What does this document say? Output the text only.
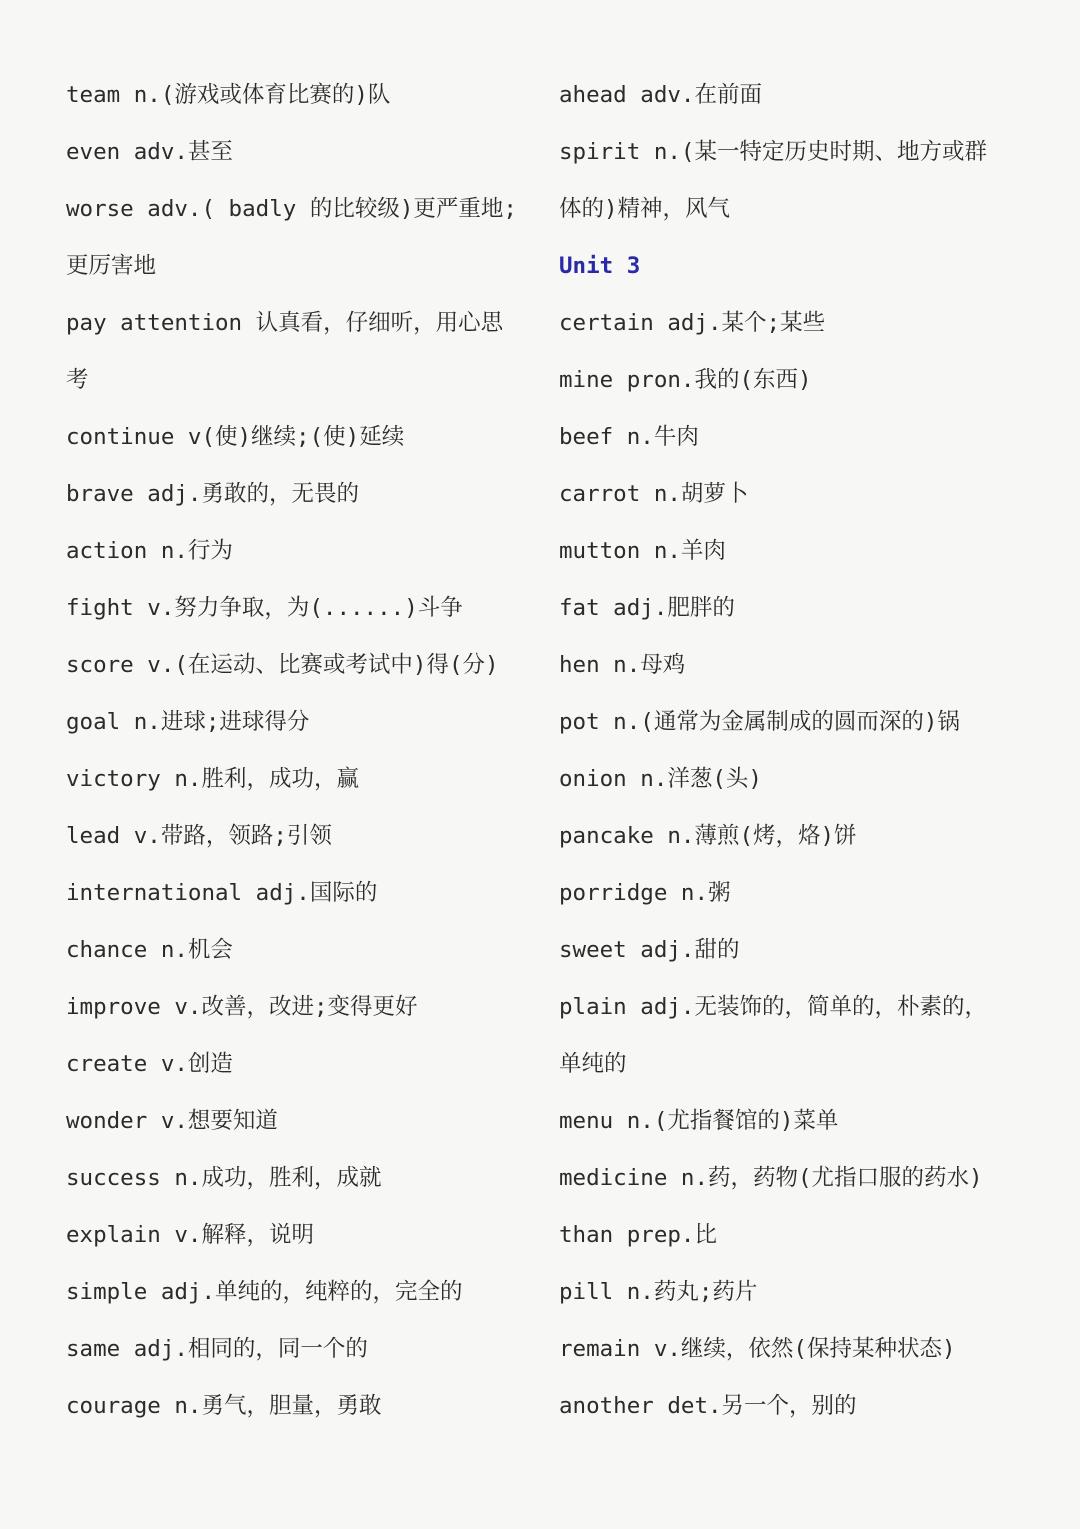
team n.(游戏或体育比赛的)队
even adv.甚至
worse adv.( badly 的比较级)更严重地;
更厉害地
pay attention 认真看，仔细听，用心思
考
continue v(使)继续;(使)延续
brave adj.勇敢的，无畏的
action n.行为
fight v.努力争取，为(......)斗争
score v.(在运动、比赛或考试中)得(分)
goal n.进球;进球得分
victory n.胜利，成功，赢
lead v.带路，领路;引领
international adj.国际的
chance n.机会
improve v.改善，改进;变得更好
create v.创造
wonder v.想要知道
success n.成功，胜利，成就
explain v.解释，说明
simple adj.单纯的，纯粹的，完全的
same adj.相同的，同一个的
courage n.勇气，胆量，勇敢
ahead adv.在前面
spirit n.(某一特定历史时期、地方或群
体的)精神，风气
Unit 3
certain adj.某个;某些
mine pron.我的(东西)
beef n.牛肉
carrot n.胡萝卜
mutton n.羊肉
fat adj.肥胖的
hen n.母鸡
pot n.(通常为金属制成的圆而深的)锅
onion n.洋葱(头)
pancake n.薄煎(烤，烙)饼
porridge n.粥
sweet adj.甜的
plain adj.无装饰的，简单的，朴素的，
单纯的
menu n.(尤指餐馆的)菜单
medicine n.药，药物(尤指口服的药水)
than prep.比
pill n.药丸;药片
remain v.继续，依然(保持某种状态)
another det.另一个，别的
